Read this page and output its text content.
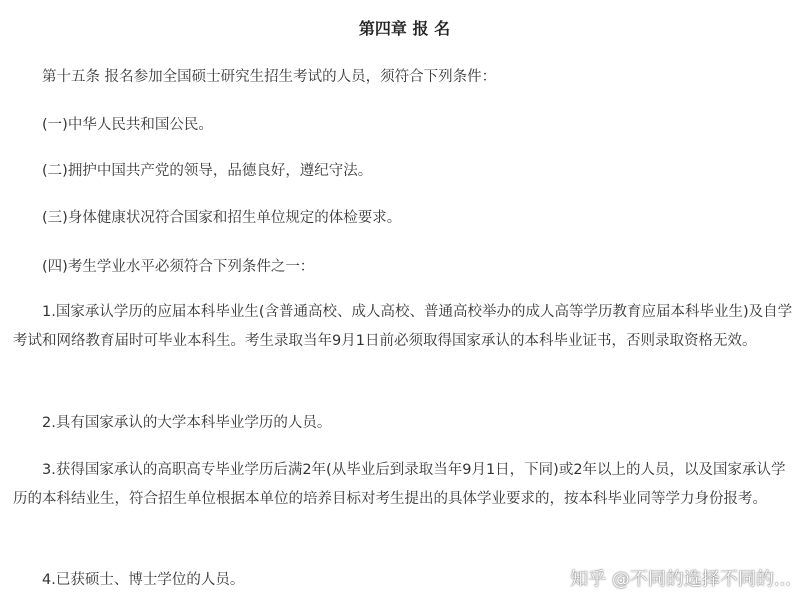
第四章 报 名

第十五条 报名参加全国硕士研究生招生考试的人员，须符合下列条件：

(一)中华人民共和国公民。

(二)拥护中国共产党的领导，品德良好，遵纪守法。

(三)身体健康状况符合国家和招生单位规定的体检要求。

(四)考生学业水平必须符合下列条件之一：

1.国家承认学历的应届本科毕业生(含普通高校、成人高校、普通高校举办的成人高等学历教育应届本科毕业生)及自学考试和网络教育届时可毕业本科生。考生录取当年9月1日前必须取得国家承认的本科毕业证书，否则录取资格无效。

2.具有国家承认的大学本科毕业学历的人员。

3.获得国家承认的高职高专毕业学历后满2年(从毕业后到录取当年9月1日，下同)或2年以上的人员，以及国家承认学历的本科结业生，符合招生单位根据本单位的培养目标对考生提出的具体学业要求的，按本科毕业同等学力身份报考。

4.已获硕士、博士学位的人员。	知乎 @不同的选择不同的...
